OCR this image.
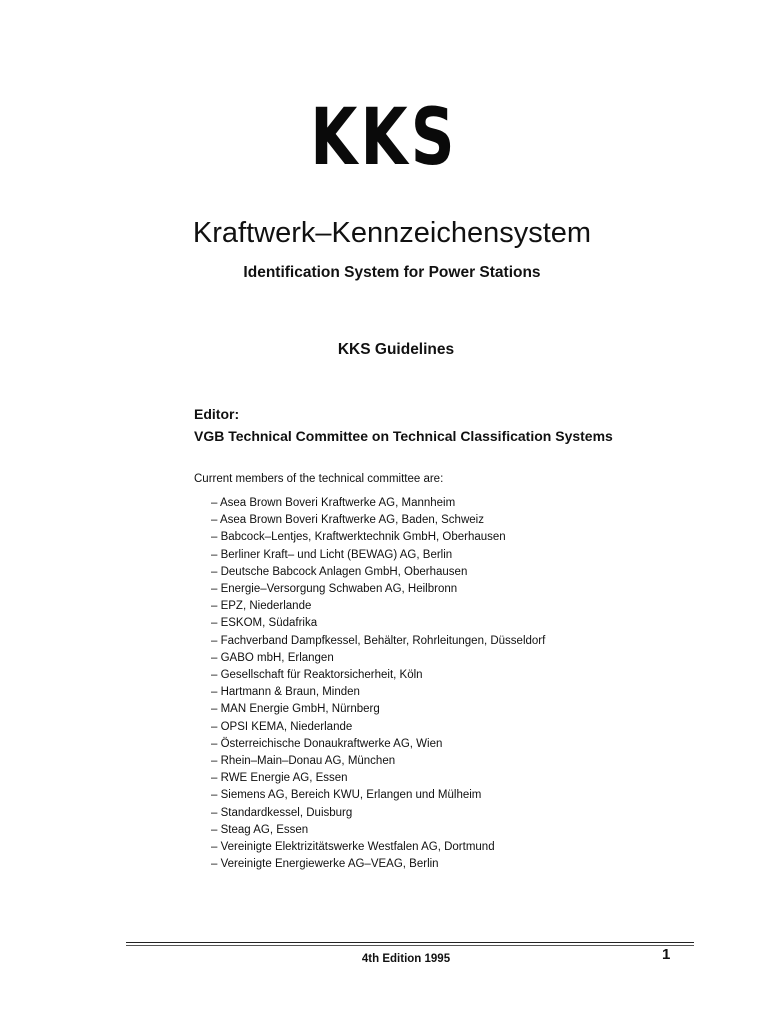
KKS
Kraftwerk–Kennzeichensystem
Identification System for Power Stations
KKS Guidelines
Editor:
VGB Technical Committee on Technical Classification Systems
Current members of the technical committee are:
– Asea Brown Boveri Kraftwerke AG, Mannheim
– Asea Brown Boveri Kraftwerke AG, Baden, Schweiz
– Babcock–Lentjes, Kraftwerktechnik GmbH, Oberhausen
– Berliner Kraft– und Licht (BEWAG) AG, Berlin
– Deutsche Babcock Anlagen GmbH, Oberhausen
– Energie–Versorgung Schwaben AG, Heilbronn
– EPZ, Niederlande
– ESKOM, Südafrika
– Fachverband Dampfkessel, Behälter, Rohrleitungen, Düsseldorf
– GABO mbH, Erlangen
– Gesellschaft für Reaktorsicherheit, Köln
– Hartmann & Braun, Minden
– MAN Energie GmbH, Nürnberg
– OPSI KEMA, Niederlande
– Österreichische Donaukraftwerke AG, Wien
– Rhein–Main–Donau AG, München
– RWE Energie AG, Essen
– Siemens AG, Bereich KWU, Erlangen und Mülheim
– Standardkessel, Duisburg
– Steag AG, Essen
– Vereinigte Elektrizitätswerke Westfalen AG, Dortmund
– Vereinigte Energiewerke AG–VEAG, Berlin
4th Edition 1995	1
